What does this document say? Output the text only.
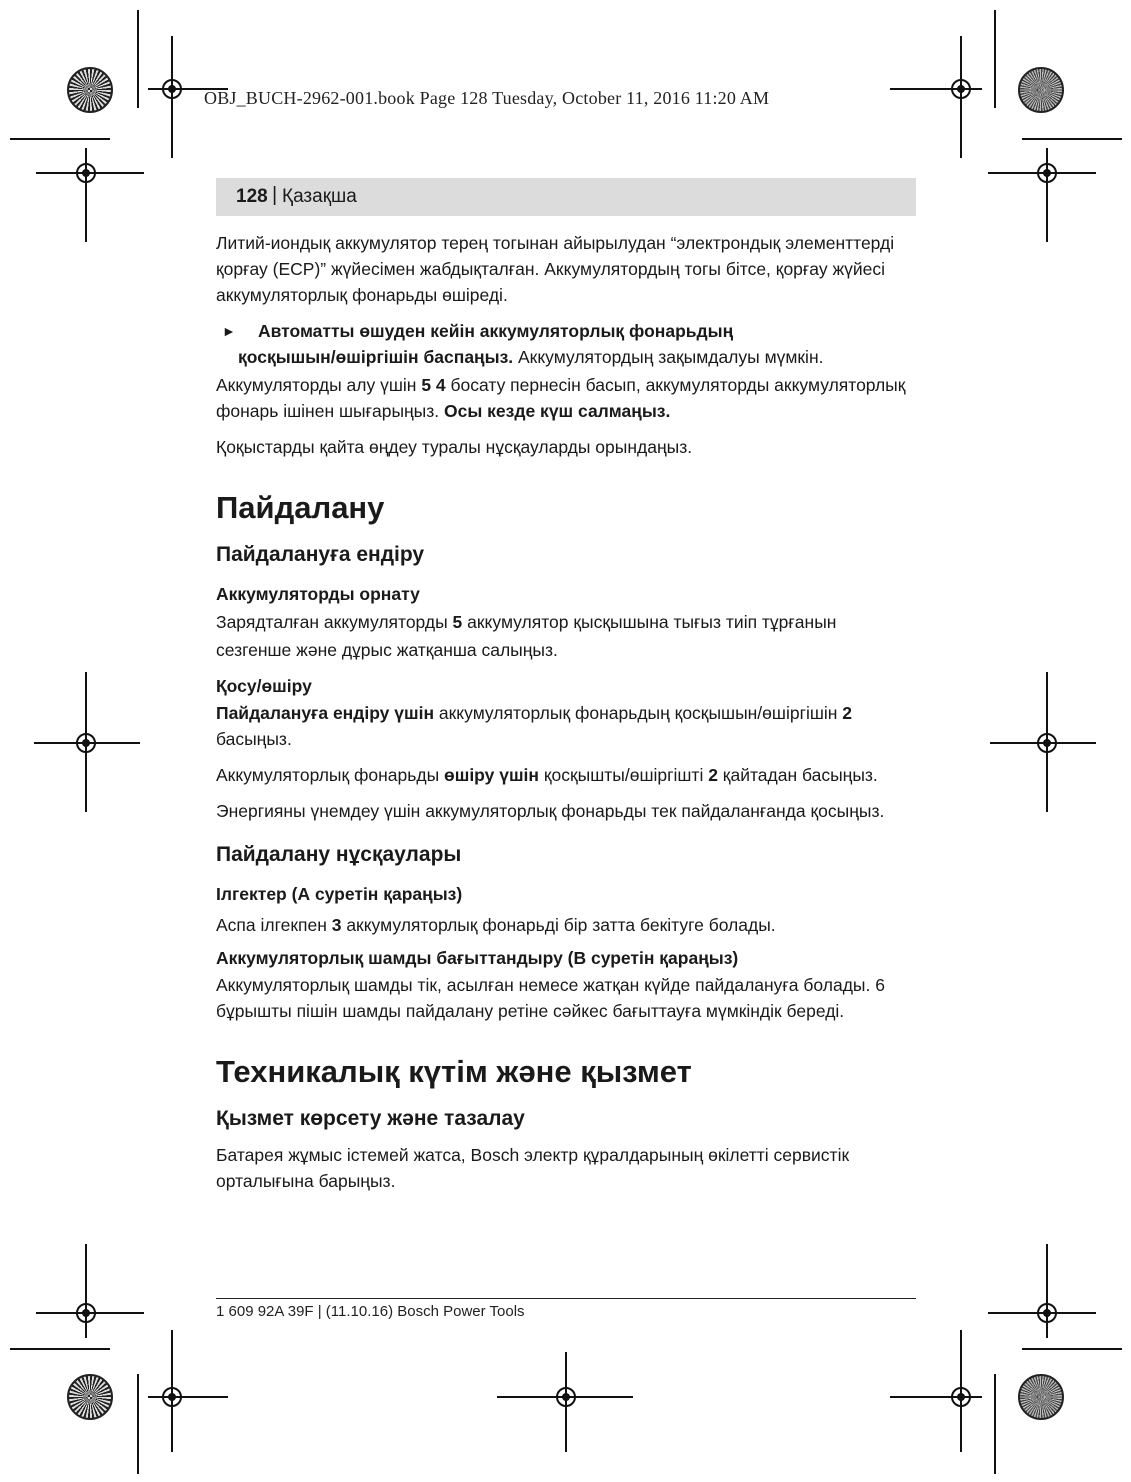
OBJ_BUCH-2962-001.book Page 128 Tuesday, October 11, 2016 11:20 AM
128 | Қазақша

Литий-иондық аккумулятор терең тогынан айырылудан “электрондық элементтерді қорғау (ECP)” жүйесімен жабдықталған. Аккумулятордың тогы бітсе, қорғау жүйесі аккумуляторлық фонарьды өшіреді.

► Автоматты өшуден кейін аккумуляторлық фонарьдың
қосқышын/өшіргішін баспаңыз. Аккумулятордың зақымдалуы мүмкін.

Аккумуляторды алу үшін 5 4 босату пернесін басып, аккумуляторды аккумуляторлық фонарь ішінен шығарыңыз. Осы кезде күш салмаңыз.

Қоқыстарды қайта өңдеу туралы нұсқауларды орындаңыз.

Пайдалану
Пайдалануға ендіру
Аккумуляторды орнату

Зарядталған аккумуляторды 5 аккумулятор қысқышына тығыз тиіп тұрғанын сезгенше және дұрыс жатқанша салыңыз.

Қосу/өшіру

Пайдалануға ендіру үшін аккумуляторлық фонарьдың қосқышын/өшіргішін 2 басыңыз.

Аккумуляторлық фонарьды өшіру үшін қосқышты/өшіргішті 2 қайтадан басыңыз.

Энергияны үнемдеу үшін аккумуляторлық фонарьды тек пайдаланғанда қосыңыз.

Пайдалану нұсқаулары
Ілгектер (А суретін қараңыз)

Аспа ілгекпен 3 аккумуляторлық фонарьді бір затта бекітуге болады.

Аккумуляторлық шамды бағыттандыру (В суретін қараңыз)

Аккумуляторлық шамды тік, асылған немесе жатқан күйде пайдалануға болады. 6 бұрышты пішін шамды пайдалану ретіне сәйкес бағыттауға мүмкіндік береді.

Техникалық күтім және қызмет
Қызмет көрсету және тазалау

Батарея жұмыс істемей жатса, Bosch электр құралдарының өкілетті сервистік орталығына барыңыз.

1 609 92A 39F | (11.10.16) Bosch Power Tools
